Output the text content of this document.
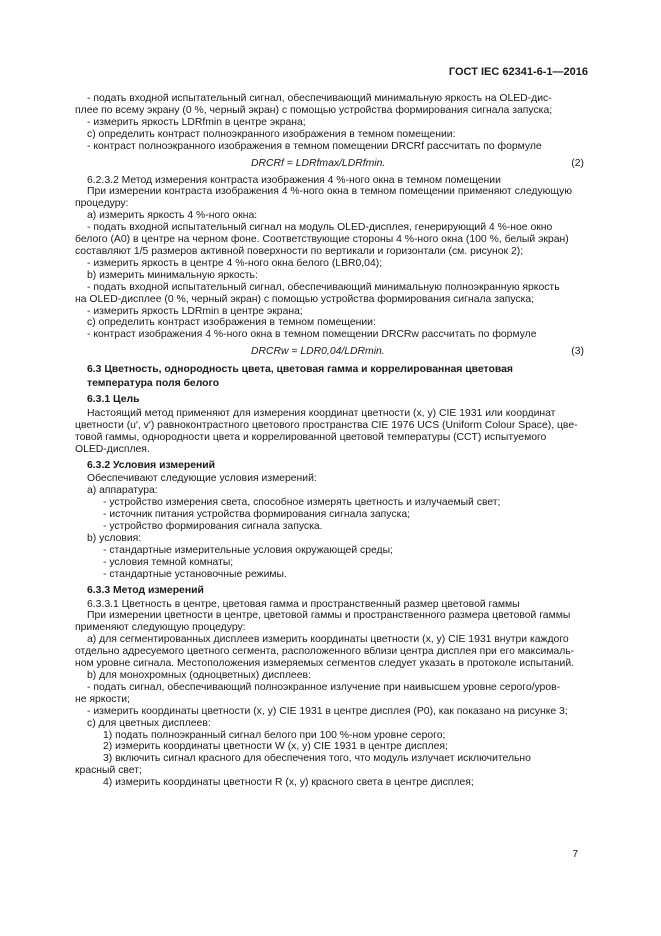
ГОСТ IEC 62341-6-1—2016
- подать входной испытательный сигнал, обеспечивающий минимальную яркость на OLED-дис-
плее по всему экрану (0 %, черный экран) с помощью устройства формирования сигнала запуска;
- измерить яркость LDRfmin в центре экрана;
c) определить контраст полноэкранного изображения в темном помещении:
- контраст полноэкранного изображения в темном помещении DRCRf рассчитать по формуле
DRCRf = LDRfmax/LDRfmin.	(2)
6.2.3.2 Метод измерения контраста изображения 4 %-ного окна в темном помещении
При измерении контраста изображения 4 %-ного окна в темном помещении применяют следующую
процедуру:
a) измерить яркость 4 %-ного окна:
- подать входной испытательный сигнал на модуль OLED-дисплея, генерирующий 4 %-ное окно
белого (A0) в центре на черном фоне. Соответствующие стороны 4 %-ного окна (100 %, белый экран)
составляют 1/5 размеров активной поверхности по вертикали и горизонтали (см. рисунок 2);
- измерить яркость в центре 4 %-ного окна белого (LBR0,04);
b) измерить минимальную яркость:
- подать входной испытательный сигнал, обеспечивающий минимальную полноэкранную яркость
на OLED-дисплее (0 %, черный экран) с помощью устройства формирования сигнала запуска;
- измерить яркость LDRmin в центре экрана;
c) определить контраст изображения в темном помещении:
- контраст изображения 4 %-ного окна в темном помещении DRCRw рассчитать по формуле
DRCRw = LDR0,04/LDRmin.	(3)
6.3 Цветность, однородность цвета, цветовая гамма и коррелированная цветовая
температура поля белого
6.3.1 Цель
Настоящий метод применяют для измерения координат цветности (x, y) CIE 1931 или координат
цветности (u′, v′) равноконтрастного цветового пространства CIE 1976 UCS (Uniform Colour Space), цве-
товой гаммы, однородности цвета и коррелированной цветовой температуры (CCT) испытуемого
OLED-дисплея.
6.3.2 Условия измерений
Обеспечивают следующие условия измерений:
a) аппаратура:
- устройство измерения света, способное измерять цветность и излучаемый свет;
- источник питания устройства формирования сигнала запуска;
- устройство формирования сигнала запуска.
b) условия:
- стандартные измерительные условия окружающей среды;
- условия темной комнаты;
- стандартные установочные режимы.
6.3.3 Метод измерений
6.3.3.1 Цветность в центре, цветовая гамма и пространственный размер цветовой гаммы
При измерении цветности в центре, цветовой гаммы и пространственного размера цветовой гаммы
применяют следующую процедуру:
a) для сегментированных дисплеев измерить координаты цветности (x, y) CIE 1931 внутри каждого
отдельно адресуемого цветного сегмента, расположенного вблизи центра дисплея при его максималь-
ном уровне сигнала. Местоположения измеряемых сегментов следует указать в протоколе испытаний.
b) для монохромных (одноцветных) дисплеев:
- подать сигнал, обеспечивающий полноэкранное излучение при наивысшем уровне серого/уров-
не яркости;
- измерить координаты цветности (x, y) CIE 1931 в центре дисплея (P0), как показано на рисунке 3;
c) для цветных дисплеев:
1) подать полноэкранный сигнал белого при 100 %-ном уровне серого;
2) измерить координаты цветности W (x, y) CIE 1931 в центре дисплея;
3) включить сигнал красного для обеспечения того, что модуль излучает исключительно
красный свет;
4) измерить координаты цветности R (x, y) красного света в центре дисплея;
7
